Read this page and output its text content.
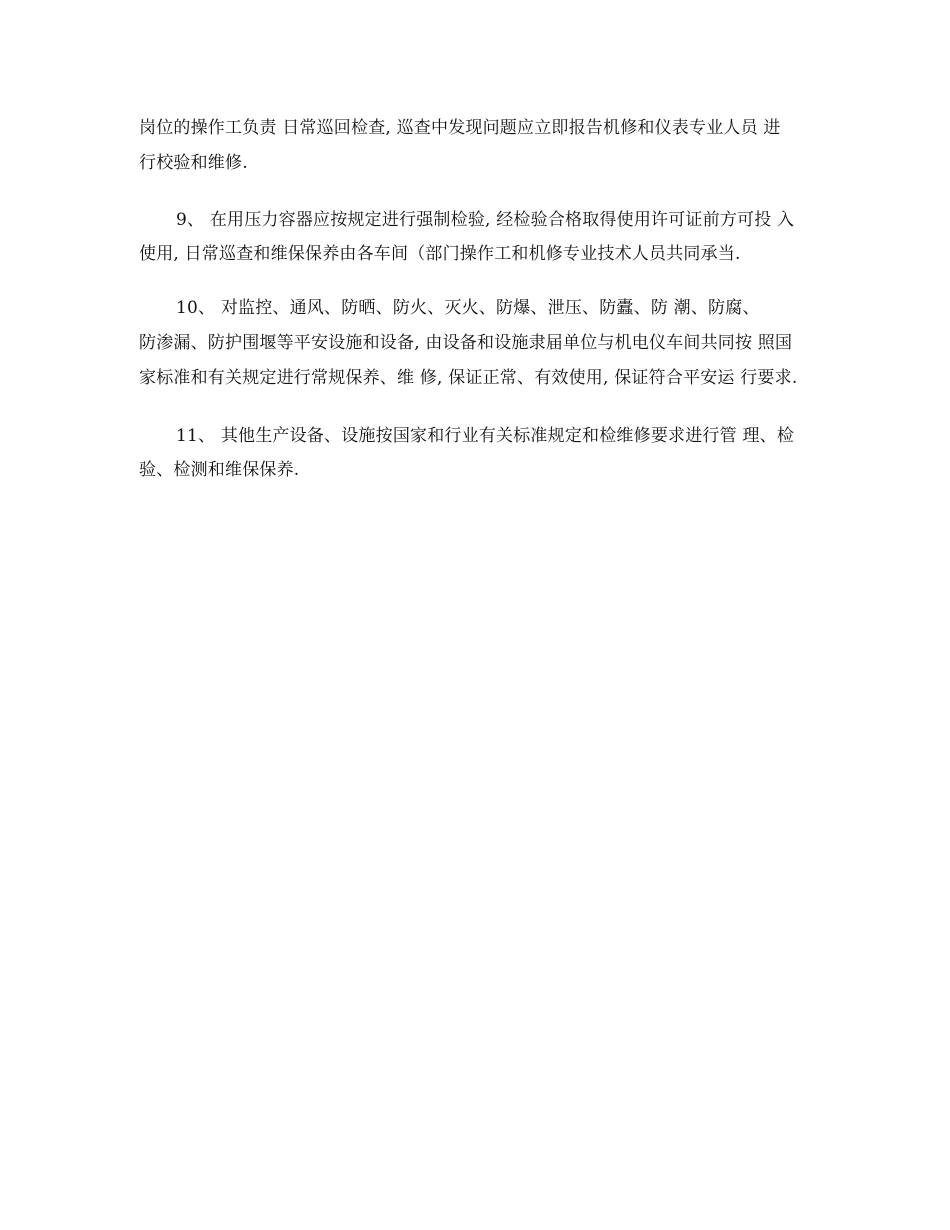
岗位的操作工负责 日常巡回检查, 巡查中发现问题应立即报告机修和仪表专业人员 进

行校验和维修.

9、 在用压力容器应按规定进行强制检验, 经检验合格取得使用许可证前方可投 入

使用, 日常巡查和维保保养由各车间（部门操作工和机修专业技术人员共同承当.

10、 对监控、通风、防晒、防火、灭火、防爆、泄压、防蠹、防 潮、防腐、

防渗漏、防护围堰等平安设施和设备, 由设备和设施隶届单位与机电仪车间共同按 照国

家标准和有关规定进行常规保养、维 修, 保证正常、有效使用, 保证符合平安运 行要求.

11、 其他生产设备、设施按国家和行业有关标准规定和检维修要求进行管 理、检

验、检测和维保保养.
